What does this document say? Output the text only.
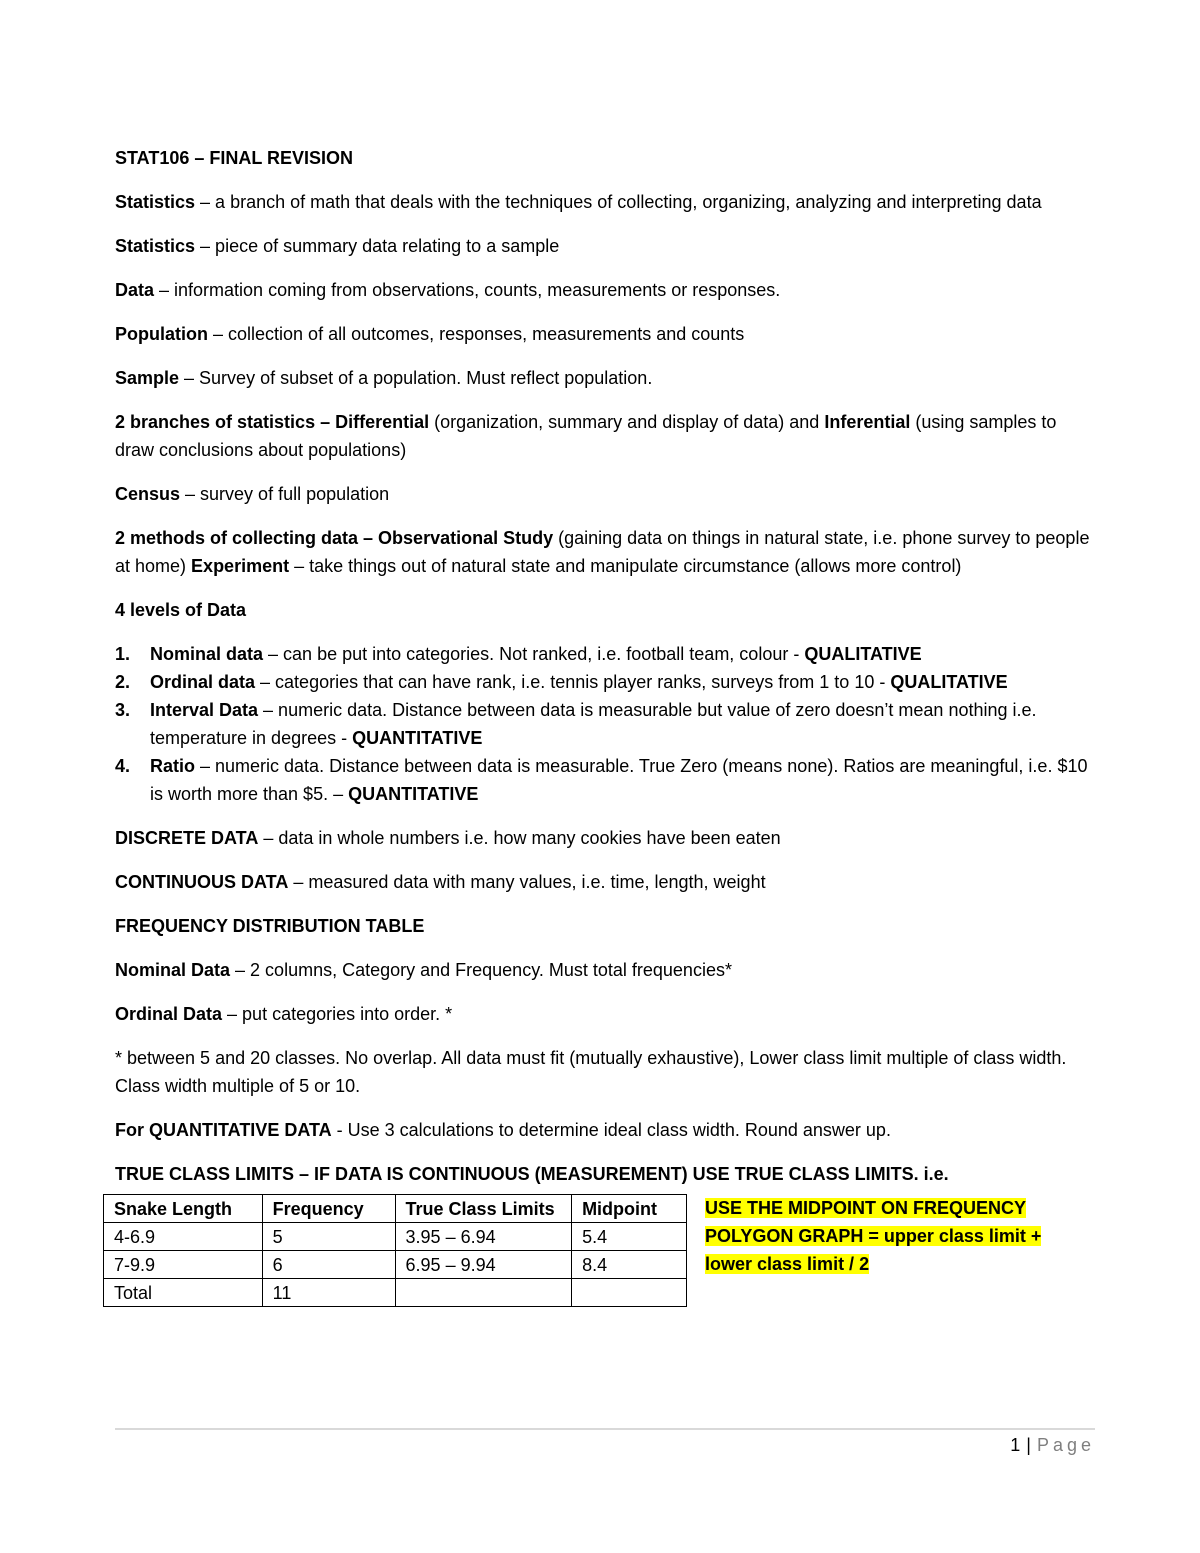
STAT106 – FINAL REVISION
Statistics – a branch of math that deals with the techniques of collecting, organizing, analyzing and interpreting data
Statistics – piece of summary data relating to a sample
Data – information coming from observations, counts, measurements or responses.
Population – collection of all outcomes, responses, measurements and counts
Sample – Survey of subset of a population. Must reflect population.
2 branches of statistics – Differential (organization, summary and display of data) and Inferential (using samples to draw conclusions about populations)
Census – survey of full population
2 methods of collecting data – Observational Study (gaining data on things in natural state, i.e. phone survey to people at home) Experiment – take things out of natural state and manipulate circumstance (allows more control)
4 levels of Data
1. Nominal data – can be put into categories. Not ranked, i.e. football team, colour - QUALITATIVE
2. Ordinal data – categories that can have rank, i.e. tennis player ranks, surveys from 1 to 10 - QUALITATIVE
3. Interval Data – numeric data. Distance between data is measurable but value of zero doesn’t mean nothing i.e. temperature in degrees - QUANTITATIVE
4. Ratio – numeric data. Distance between data is measurable. True Zero (means none). Ratios are meaningful, i.e. $10 is worth more than $5. – QUANTITATIVE
DISCRETE DATA – data in whole numbers i.e. how many cookies have been eaten
CONTINUOUS DATA – measured data with many values, i.e. time, length, weight
FREQUENCY DISTRIBUTION TABLE
Nominal Data – 2 columns, Category and Frequency. Must total frequencies*
Ordinal Data – put categories into order. *
* between 5 and 20 classes. No overlap. All data must fit (mutually exhaustive), Lower class limit multiple of class width. Class width multiple of 5 or 10.
For QUANTITATIVE DATA - Use 3 calculations to determine ideal class width. Round answer up.
TRUE CLASS LIMITS – IF DATA IS CONTINUOUS (MEASUREMENT) USE TRUE CLASS LIMITS. i.e.
Snake Length	Frequency	True Class Limits	Midpoint
4-6.9	5	3.95 – 6.94	5.4
7-9.9	6	6.95 – 9.94	8.4
Total	11		
USE THE MIDPOINT ON FREQUENCY
POLYGON GRAPH = upper class limit +
lower class limit / 2
1 | Page
